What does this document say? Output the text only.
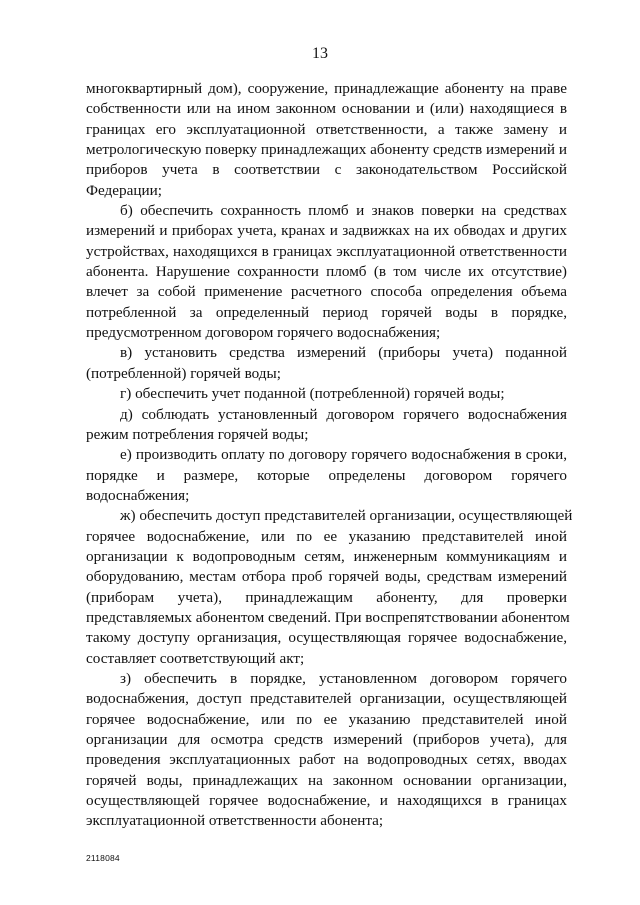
13
многоквартирный дом), сооружение, принадлежащие абоненту на праве
собственности или на ином законном основании и (или) находящиеся в
границах его эксплуатационной ответственности, а также замену и
метрологическую поверку принадлежащих абоненту средств измерений и
приборов учета в соответствии с законодательством Российской
Федерации;
б) обеспечить сохранность пломб и знаков поверки на средствах
измерений и приборах учета, кранах и задвижках на их обводах и других
устройствах, находящихся в границах эксплуатационной ответственности
абонента. Нарушение сохранности пломб (в том числе их отсутствие)
влечет за собой применение расчетного способа определения объема
потребленной за определенный период горячей воды в порядке,
предусмотренном договором горячего водоснабжения;
в) установить средства измерений (приборы учета) поданной
(потребленной) горячей воды;
г) обеспечить учет поданной (потребленной) горячей воды;
д) соблюдать установленный договором горячего водоснабжения
режим потребления горячей воды;
е) производить оплату по договору горячего водоснабжения в сроки,
порядке и размере, которые определены договором горячего
водоснабжения;
ж) обеспечить доступ представителей организации, осуществляющей
горячее водоснабжение, или по ее указанию представителей иной
организации к водопроводным сетям, инженерным коммуникациям и
оборудованию, местам отбора проб горячей воды, средствам измерений
(приборам учета), принадлежащим абоненту, для проверки
представляемых абонентом сведений. При воспрепятствовании абонентом
такому доступу организация, осуществляющая горячее водоснабжение,
составляет соответствующий акт;
з) обеспечить в порядке, установленном договором горячего
водоснабжения, доступ представителей организации, осуществляющей
горячее водоснабжение, или по ее указанию представителей иной
организации для осмотра средств измерений (приборов учета), для
проведения эксплуатационных работ на водопроводных сетях, вводах
горячей воды, принадлежащих на законном основании организации,
осуществляющей горячее водоснабжение, и находящихся в границах
эксплуатационной ответственности абонента;
2118084
